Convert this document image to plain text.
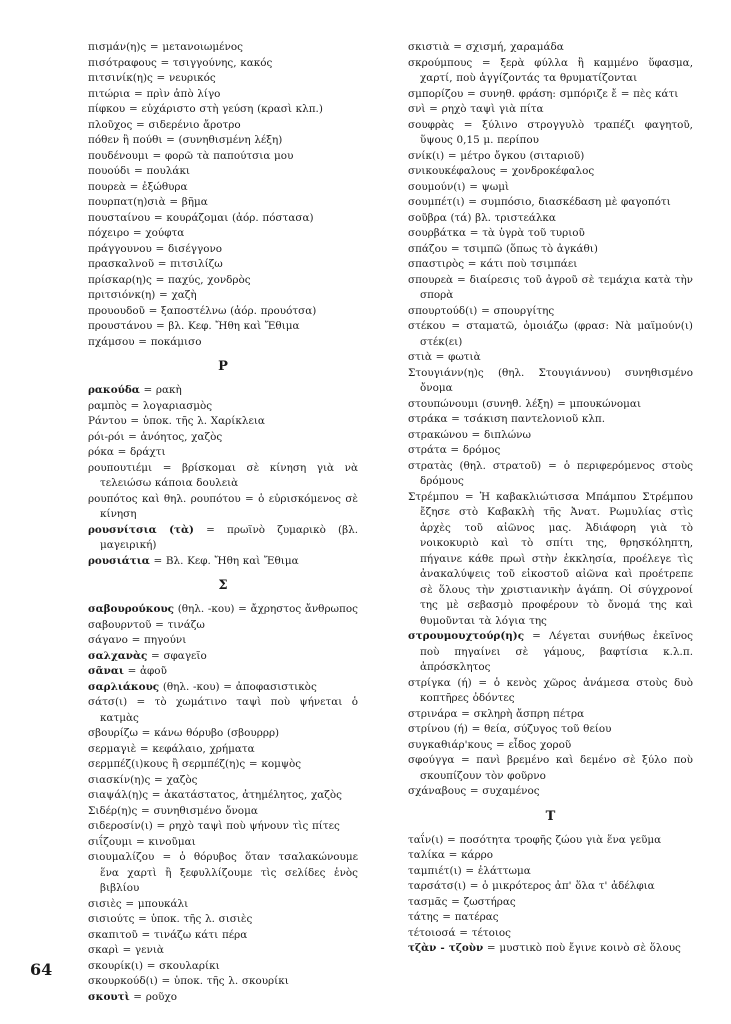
πισμάν(η)ς = μετανοιωμένος

πισότραφους = τσιγγούνης, κακός

πιτσινίκ(η)ς = νευρικός

πιτώρια = πρὶν ἀπὸ λίγο

πίφκου = εὐχάριστο στὴ γεύση (κρασὶ κλπ.)

πλοῦχος = σιδερένιο ἄροτρο

πόθεν ἢ πούθι = (συνηθισμένη λέξη)

πουδένουμι = φορῶ τὰ παπούτσια μου

πουούδι = πουλάκι

πουρεὰ = ἐξώθυρα

πουρπατ(η)σιὰ = βῆμα

πουσταίνου = κουράζομαι (ἀόρ. πόστασα)

πόχειρο = χούφτα

πράγγουνου = δισέγγονο

πρασκαλνοῦ = πιτσιλίζω

πρίσκαρ(η)ς = παχύς, χονδρὸς

πριτσιόνκ(η) = χαζὴ

προυουδοῦ = ξαποστέλνω (ἀόρ. προυότσα)

προυστάνου = βλ. Κεφ. Ἤθη καὶ Ἔθιμα

πχάμσου = ποκάμισο

Ρ

ρακούδα = ρακὴ

ραμπὸς = λογαριασμὸς

Ράντου = ὑποκ. τῆς λ. Χαρίκλεια

ρόι-ρόι = ἀνόητος, χαζὸς

ρόκα = δράχτι

ρουπουτιέμι = βρίσκομαι σὲ κίνηση γιὰ νὰ τελειώσω κάποια δουλειὰ

ρουπότος καὶ θηλ. ρουπότου = ὁ εὑρισκόμενος σὲ κίνηση

ρουσνίτσια (τὰ) = πρωϊνὸ ζυμαρικὸ (βλ. μαγειρική)

ρουσιάτια = Βλ. Κεφ. Ἤθη καὶ Ἔθιμα

Σ

σαβουρούκους (θηλ. -κου) = ἄχρηστος ἄνθρωπος

σαβουρντοῦ = τινάζω

σάγανο = πηγούνι

σαλχανὰς = σφαγεῖο

σᾶναι = ἀφοῦ

σαρλιάκους (θηλ. -κου) = ἀποφασιστικὸς

σάτσ(ι) = τὸ χωμάτινο ταψὶ ποὺ ψήνεται ὁ κατμὰς

σβουρίζω = κάνω θόρυβο (σβουρρρ)

σερμαγιὲ = κεφάλαιο, χρήματα

σερμπέζ(ι)κους ἢ σερμπέζ(η)ς = κομψὸς

σιασκίν(η)ς = χαζὸς

σιαψάλ(η)ς = ἀκατάστατος, ἀτημέλητος, χαζὸς

Σιδέρ(η)ς = συνηθισμένο ὄνομα

σιδεροσίν(ι) = ρηχὸ ταψὶ ποὺ ψήνουν τὶς πίτες

σιΐζουμι = κινοῦμαι

σιουμαλίζου = ὁ θόρυβος ὅταν τσαλακώνουμε ἕνα χαρτὶ ἢ ξεφυλλίζουμε τὶς σελίδες ἑνὸς βιβλίου

σισιὲς = μπουκάλι

σισιούτς = ὑποκ. τῆς λ. σισιὲς

σκαπιτοῦ = τινάζω κάτι πέρα

σκαρὶ = γενιὰ

σκουρίκ(ι) = σκουλαρίκι

σκουρκούδ(ι) = ὑποκ. τῆς λ. σκουρίκι

σκουτὶ = ροῦχο

σκιστιὰ = σχισμή, χαραμάδα

σκρούμπους = ξερὰ φύλλα ἢ καμμένο ὕφασμα, χαρτί, ποὺ ἀγγίζοντάς τα θρυματίζονται

σμπορίζου = συνηθ. φράση: σμπόριζε ἔ = πὲς κάτι

σνὶ = ρηχὸ ταψὶ γιὰ πίτα

σουφρὰς = ξύλινο στρογγυλὸ τραπέζι φαγητοῦ, ὕψους 0,15 μ. περίπου

σνίκ(ι) = μέτρο ὄγκου (σιταριοῦ)

σνικουκέφαλους = χονδροκέφαλος

σουμούν(ι) = ψωμὶ

σουμπέτ(ι) = συμπόσιο, διασκέδαση μὲ φαγοπότι

σοῦβρα (τά) βλ. τριστεάλκα

σουρβάτκα = τὰ ὑγρὰ τοῦ τυριοῦ

σπάζου = τσιμπῶ (ὅπως τὸ ἀγκάθι)

σπαστιρὸς = κάτι ποὺ τσιμπάει

σπουρεὰ = διαίρεσις τοῦ ἀγροῦ σὲ τεμάχια κατὰ τὴν σπορὰ

σπουρτούδ(ι) = σπουργίτης

στέκου = σταματῶ, ὁμοιάζω (φρασ: Νὰ μαϊμούν(ι) στέκ(ει)

στιὰ = φωτιὰ

Στουγιάνν(η)ς (θηλ. Στουγιάννου) συνηθισμένο ὄνομα

στουπώνουμι (συνηθ. λέξη) = μπουκώνομαι

στράκα = τσάκιση παντελονιοῦ κλπ.

στρακώνου = διπλώνω

στράτα = δρόμος

στρατὰς (θηλ. στρατοῦ) = ὁ περιφερόμενος στοὺς δρόμους

Στρέμπου = Ἡ καβακλιώτισσα Μπάμπου Στρέμπου ἔζησε στὸ Καβακλὴ τῆς Ἀνατ. Ρωμυλίας στὶς ἀρχὲς τοῦ αἰῶνος μας. Ἀδιάφορη γιὰ τὸ νοικοκυριὸ καὶ τὸ σπίτι της, θρησκόληπτη, πήγαινε κάθε πρωὶ στὴν ἐκκλησία, προέλεγε τὶς ἀνακαλύψεις τοῦ εἰκοστοῦ αἰῶνα καὶ προέτρεπε σὲ ὅλους τὴν χριστιανικὴν ἀγάπη. Οἱ σύγχρονοί της μὲ σεβασμὸ προφέρουν τὸ ὄνομά της καὶ θυμοῦνται τὰ λόγια της

στρουμουχτούρ(η)ς = Λέγεται συνήθως ἐκεῖνος ποὺ πηγαίνει σὲ γάμους, βαφτίσια κ.λ.π. ἀπρόσκλητος

στρίγκα (ή) = ὁ κενὸς χῶρος ἀνάμεσα στοὺς δυὸ κοπτῆρες ὀδόντες

στρινάρα = σκληρὴ ἄσπρη πέτρα

στρίνου (ή) = θεία, σύζυγος τοῦ θείου

συγκαθιάρ'κους = εἶδος χοροῦ

σφούγγα = πανὶ βρεμένο καὶ δεμένο σὲ ξύλο ποὺ σκουπίζουν τὸν φοῦρνο

σχάναβους = συχαμένος

Τ

ταΐν(ι) = ποσότητα τροφῆς ζώου γιὰ ἕνα γεῦμα

ταλίκα = κάρρο

ταμπιέτ(ι) = ἐλάττωμα

ταρσάτσ(ι) = ὁ μικρότερος ἀπ' ὅλα τ' ἀδέλφια

τασμᾶς = ζωστήρας

τάτης = πατέρας

τέτοιοσά = τέτοιος

τζὰν - τζοὺν = μυστικὸ ποὺ ἔγινε κοινὸ σὲ ὅλους

64
